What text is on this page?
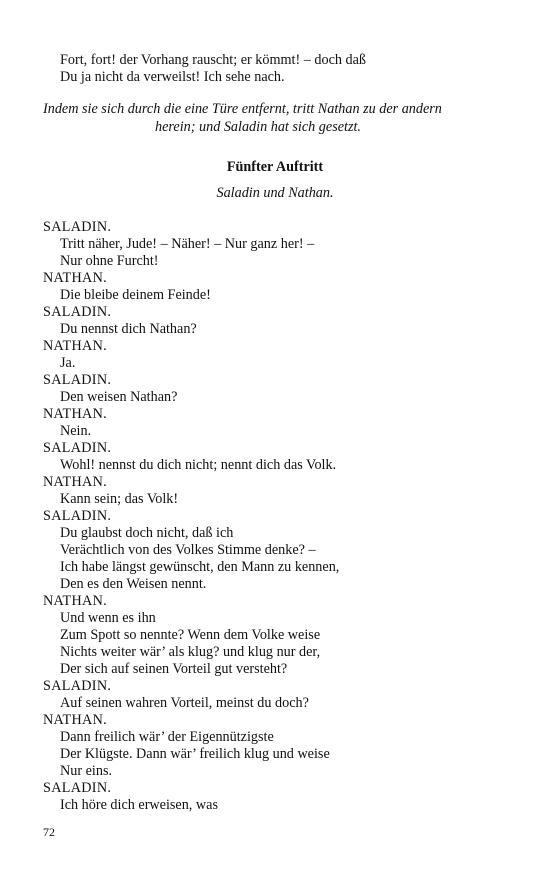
Fort, fort! der Vorhang rauscht; er kömmt! – doch daß
Du ja nicht da verweilst! Ich sehe nach.
Indem sie sich durch die eine Türe entfernt, tritt Nathan zu der andern
herein; und Saladin hat sich gesetzt.
Fünfter Auftritt
Saladin und Nathan.
SALADIN.
Tritt näher, Jude! – Näher! – Nur ganz her! –
Nur ohne Furcht!
NATHAN.
Die bleibe deinem Feinde!
SALADIN.
Du nennst dich Nathan?
NATHAN.
Ja.
SALADIN.
Den weisen Nathan?
NATHAN.
Nein.
SALADIN.
Wohl! nennst du dich nicht; nennt dich das Volk.
NATHAN.
Kann sein; das Volk!
SALADIN.
Du glaubst doch nicht, daß ich
Verächtlich von des Volkes Stimme denke? –
Ich habe längst gewünscht, den Mann zu kennen,
Den es den Weisen nennt.
NATHAN.
Und wenn es ihn
Zum Spott so nennte? Wenn dem Volke weise
Nichts weiter wär’ als klug? und klug nur der,
Der sich auf seinen Vorteil gut versteht?
SALADIN.
Auf seinen wahren Vorteil, meinst du doch?
NATHAN.
Dann freilich wär’ der Eigennützigste
Der Klügste. Dann wär’ freilich klug und weise
Nur eins.
SALADIN.
Ich höre dich erweisen, was
72
